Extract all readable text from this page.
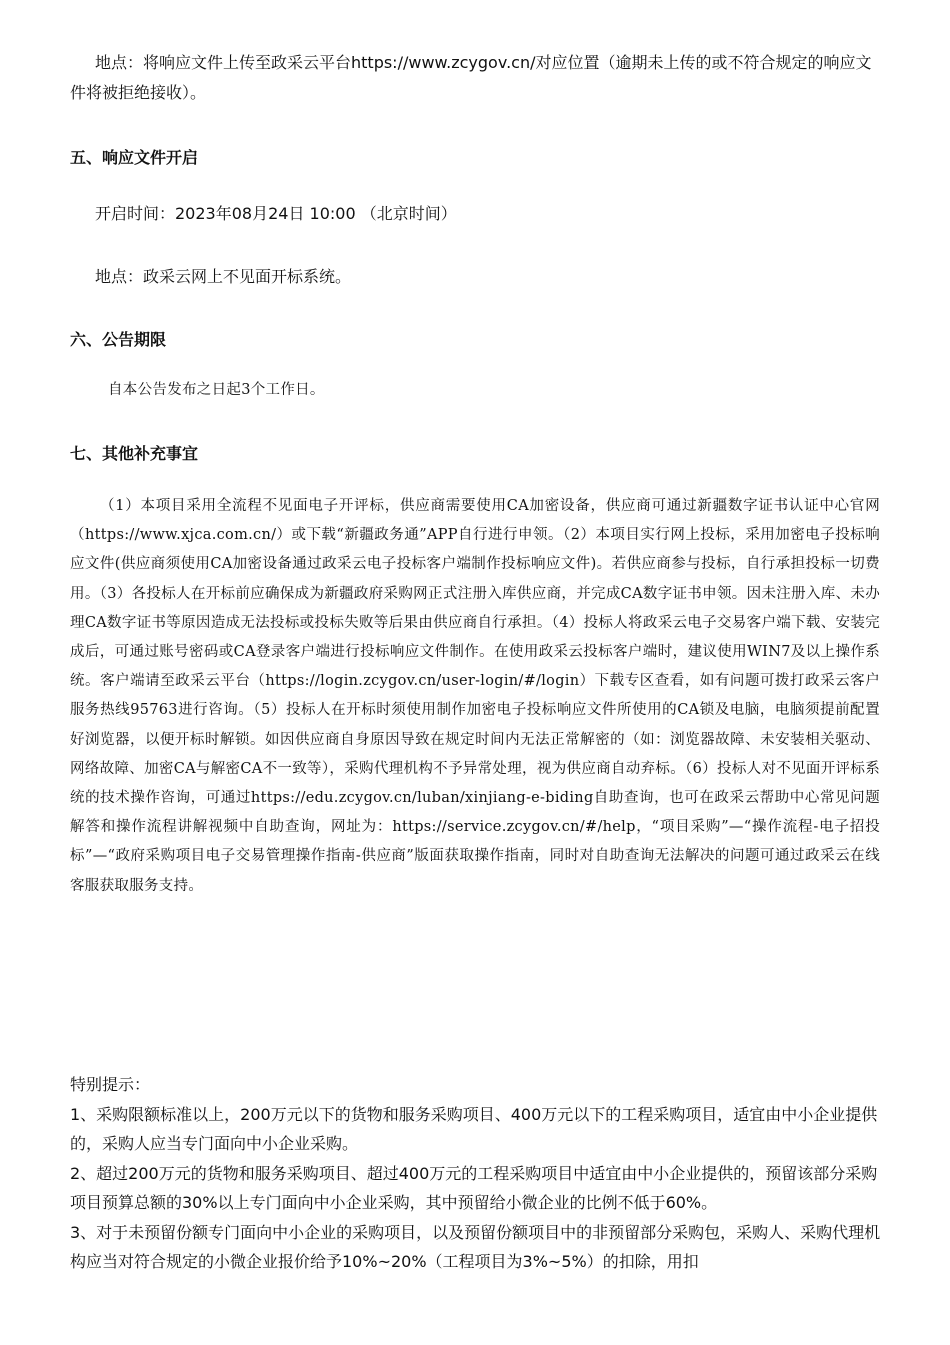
地点：将响应文件上传至政采云平台https://www.zcygov.cn/对应位置（逾期未上传的或不符合规定的响应文件将被拒绝接收）。

五、响应文件开启

开启时间：2023年08月24日 10:00 （北京时间）

地点：政采云网上不见面开标系统。

六、公告期限

自本公告发布之日起3个工作日。

七、其他补充事宜

（1）本项目采用全流程不见面电子开评标，供应商需要使用CA加密设备，供应商可通过新疆数字证书认证中心官网（https://www.xjca.com.cn/）或下载“新疆政务通”APP自行进行申领。（2）本项目实行网上投标，采用加密电子投标响应文件(供应商须使用CA加密设备通过政采云电子投标客户端制作投标响应文件)。若供应商参与投标，自行承担投标一切费用。（3）各投标人在开标前应确保成为新疆政府采购网正式注册入库供应商，并完成CA数字证书申领。因未注册入库、未办理CA数字证书等原因造成无法投标或投标失败等后果由供应商自行承担。（4）投标人将政采云电子交易客户端下载、安装完成后，可通过账号密码或CA登录客户端进行投标响应文件制作。在使用政采云投标客户端时，建议使用WIN7及以上操作系统。客户端请至政采云平台（https://login.zcygov.cn/user-login/#/login）下载专区查看，如有问题可拨打政采云客户服务热线95763进行咨询。（5）投标人在开标时须使用制作加密电子投标响应文件所使用的CA锁及电脑，电脑须提前配置好浏览器，以便开标时解锁。如因供应商自身原因导致在规定时间内无法正常解密的（如：浏览器故障、未安装相关驱动、网络故障、加密CA与解密CA不一致等），采购代理机构不予异常处理，视为供应商自动弃标。（6）投标人对不见面开评标系统的技术操作咨询，可通过https://edu.zcygov.cn/luban/xinjiang-e-biding自助查询，也可在政采云帮助中心常见问题解答和操作流程讲解视频中自助查询，网址为：https://service.zcygov.cn/#/help，“项目采购”—“操作流程-电子招投标”—“政府采购项目电子交易管理操作指南-供应商”版面获取操作指南，同时对自助查询无法解决的问题可通过政采云在线客服获取服务支持。

特别提示：
1、采购限额标准以上，200万元以下的货物和服务采购项目、400万元以下的工程采购项目，适宜由中小企业提供的，采购人应当专门面向中小企业采购。
2、超过200万元的货物和服务采购项目、超过400万元的工程采购项目中适宜由中小企业提供的，预留该部分采购项目预算总额的30%以上专门面向中小企业采购，其中预留给小微企业的比例不低于60%。
3、对于未预留份额专门面向中小企业的采购项目，以及预留份额项目中的非预留部分采购包，采购人、采购代理机构应当对符合规定的小微企业报价给予10%~20%（工程项目为3%~5%）的扣除，用扣
